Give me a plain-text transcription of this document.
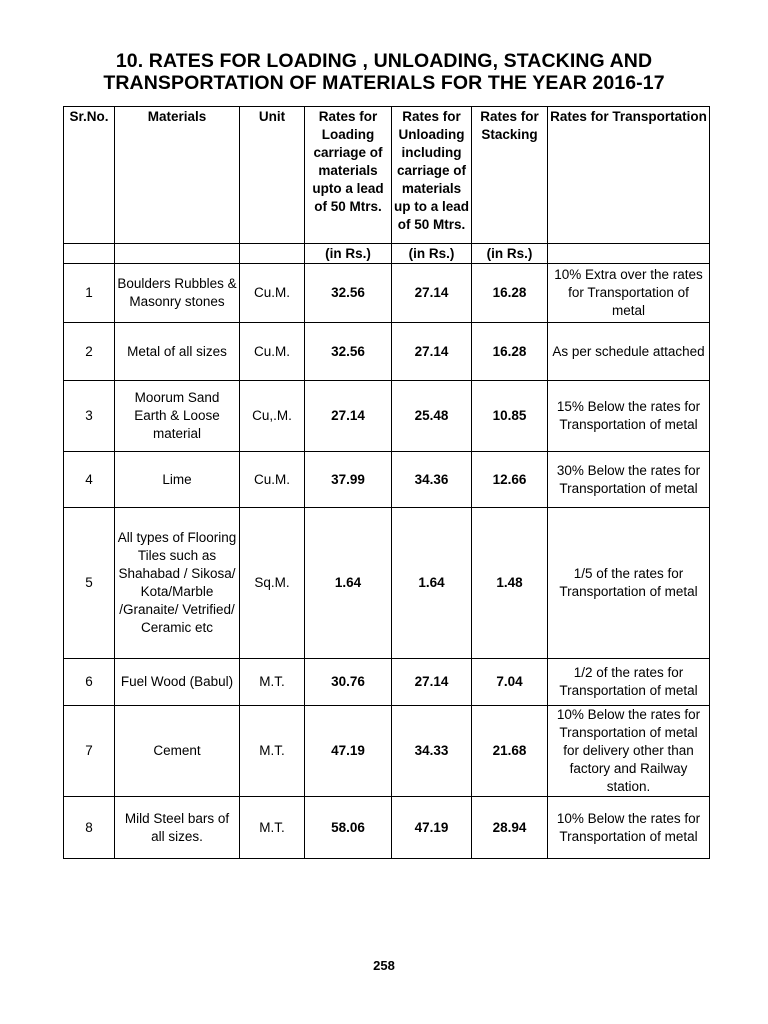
10. RATES FOR LOADING , UNLOADING, STACKING AND
TRANSPORTATION OF MATERIALS FOR THE YEAR 2016-17
Sr.No.	Materials	Unit	Rates for Loading carriage of materials upto a lead of 50 Mtrs.	Rates for Unloading including carriage of materials up to a lead of 50 Mtrs.	Rates for Stacking	Rates for Transportation
			(in Rs.)	(in Rs.)	(in Rs.)	
1	Boulders Rubbles & Masonry stones	Cu.M.	32.56	27.14	16.28	10% Extra over the rates for Transportation of metal
2	Metal of all sizes	Cu.M.	32.56	27.14	16.28	As per schedule attached
3	Moorum Sand Earth & Loose material	Cu,.M.	27.14	25.48	10.85	15% Below the rates for Transportation of metal
4	Lime	Cu.M.	37.99	34.36	12.66	30% Below the rates for Transportation of metal
5	All types of Flooring Tiles such as Shahabad / Sikosa/ Kota/Marble /Granaite/ Vetrified/ Ceramic etc	Sq.M.	1.64	1.64	1.48	1/5 of the rates for Transportation of metal
6	Fuel Wood (Babul)	M.T.	30.76	27.14	7.04	1/2 of the rates for Transportation of metal
7	Cement	M.T.	47.19	34.33	21.68	10% Below the rates for Transportation of metal for delivery other than factory and Railway station.
8	Mild Steel bars of all sizes.	M.T.	58.06	47.19	28.94	10% Below the rates for Transportation of metal
258
